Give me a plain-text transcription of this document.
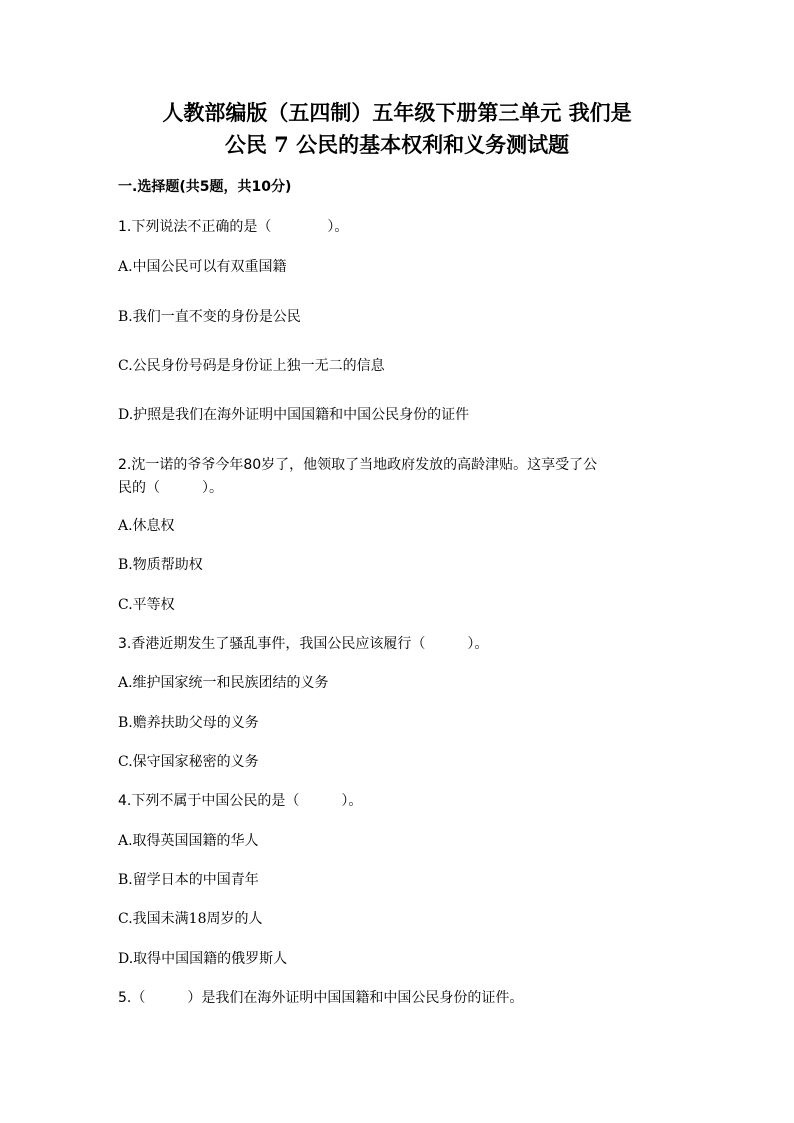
人教部编版（五四制）五年级下册第三单元 我们是
公民 7 公民的基本权利和义务测试题
一.选择题(共5题，共10分)
1.下列说法不正确的是（　　　　）。
A.中国公民可以有双重国籍
B.我们一直不变的身份是公民
C.公民身份号码是身份证上独一无二的信息
D.护照是我们在海外证明中国国籍和中国公民身份的证件
2.沈一诺的爷爷今年80岁了，他领取了当地政府发放的高龄津贴。这享受了公
民的（　　　）。
A.休息权
B.物质帮助权
C.平等权
3.香港近期发生了骚乱事件，我国公民应该履行（　　　）。
A.维护国家统一和民族团结的义务
B.赡养扶助父母的义务
C.保守国家秘密的义务
4.下列不属于中国公民的是（　　　）。
A.取得英国国籍的华人
B.留学日本的中国青年
C.我国未满18周岁的人
D.取得中国国籍的俄罗斯人
5.（　　　）是我们在海外证明中国国籍和中国公民身份的证件。
